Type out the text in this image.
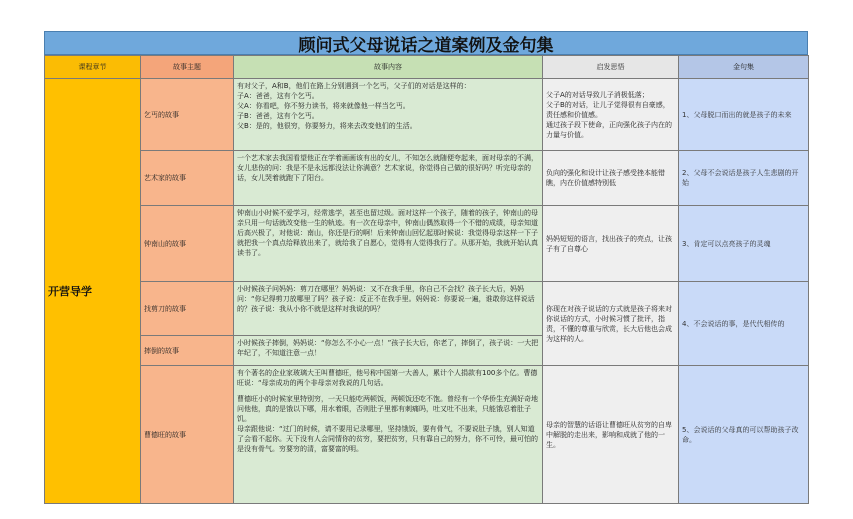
顾问式父母说话之道案例及金句集
课程章节	故事主题	故事内容	启发思悟	金句集
开营导学	乞丐的故事	有对父子，A和B，他们在路上分别遇到一个乞丐，父子们的对话是这样的：
子A：爸爸，这有个乞丐。
父A：你看吧，你不努力读书，将来就像他一样当乞丐。
子B：爸爸，这有个乞丐。
父B：是的，他很穷，你要努力，将来去改变他们的生活。	父子A的对话导致儿子消极低落；
父子B的对话，让儿子觉得很有自豪感，责任感和价值感。
通过孩子段下使命，正向强化孩子内在的力量与价值。	1、父母脱口而出的就是孩子的未来
	艺术家的故事	一个艺术家去我国看望他正在学着画画该有出的女儿，不知怎么就随便夸起来，面对母亲的不满，女儿悲伤的问：我是不是永远都没法让你满意？艺术家说，你觉得自己做的很好吗？听完母亲的话，女儿哭着就跑下了阳台。	负向的强化和设计让孩子感受挫本能错瞧，内在价值感特别低	2、父母不会说话是孩子人生悲剧的开始
	钟南山的故事	钟南山小时候不爱学习，经常逃学，甚至也留过级。面对这样一个孩子，随着的孩子，钟南山的母亲只用一句话就改变他一生的轨迹。有一次在母亲中，钟南山偶然取得一个不错的成绩，母亲知道后高兴极了，对他说：南山，你还是行的啊！后来钟南山回忆起那时候说：我觉得母亲这样一下子就把我一个真点给释放出来了，就给我了自愿心，觉得有人觉得我行了。从那开始，我就开始认真读书了。	妈妈短短的语言，找出孩子的亮点，让孩子有了自尊心	3、肯定可以点亮孩子的灵魂
	找剪刀的故事	小时候孩子问妈妈：剪刀在哪里？妈妈说：又不在我手里，你自己不会找？孩子长大后，妈妈问：“你记得剪刀放哪里了吗？孩子说：反正不在我手里。妈妈说：你要说一遍，谁敢你这样说话的？孩子说：我从小你不就是这样对我说的吗？	你现在对孩子说话的方式就是孩子将来对你说话的方式，小时候习惯了批评，指责，不懂的尊重与欣赏，长大后他也会成为这样的人。	4、不会说话的事，是代代相传的
	摔倒的故事	小时候孩子摔倒，妈妈说：“你怎么不小心一点！”孩子长大后，你老了，摔倒了，孩子说：一大把年纪了，不知道注意一点！		
	曹德旺的故事	有个著名的企业家玻璃大王叫曹德旺，他号称中国第一大善人，累计个人捐款有100多个亿。曹德旺说：“母亲成功的两个非母亲对我说的几句话。
曹德旺小的时候家里特别穷，一天只能吃两顿饭，两顿饭还吃不饱。曾经有一个华侨生充满好奇地问他他，真的是饿以下哪，用水着眼，否则肚子里都有刺痛吗，吐又吐不出来，只能饿忍着肚子饥。
母亲跟他说：“过门的时候，请不要用记录哪里，坚持饿饭，要有骨气，不要说肚子饿，别人知道了会看不起你。天下没有人会同情你的贫穷，要把贫穷，只有靠自己的努力，你不可怜，最可怕的是没有骨气。穷要穷的清，富要富的明。	母亲的智慧的话语让曹德旺从贫穷的自卑中解脱的走出来，影响和成就了他的一生。	5、会说话的父母真的可以帮助孩子改命。
